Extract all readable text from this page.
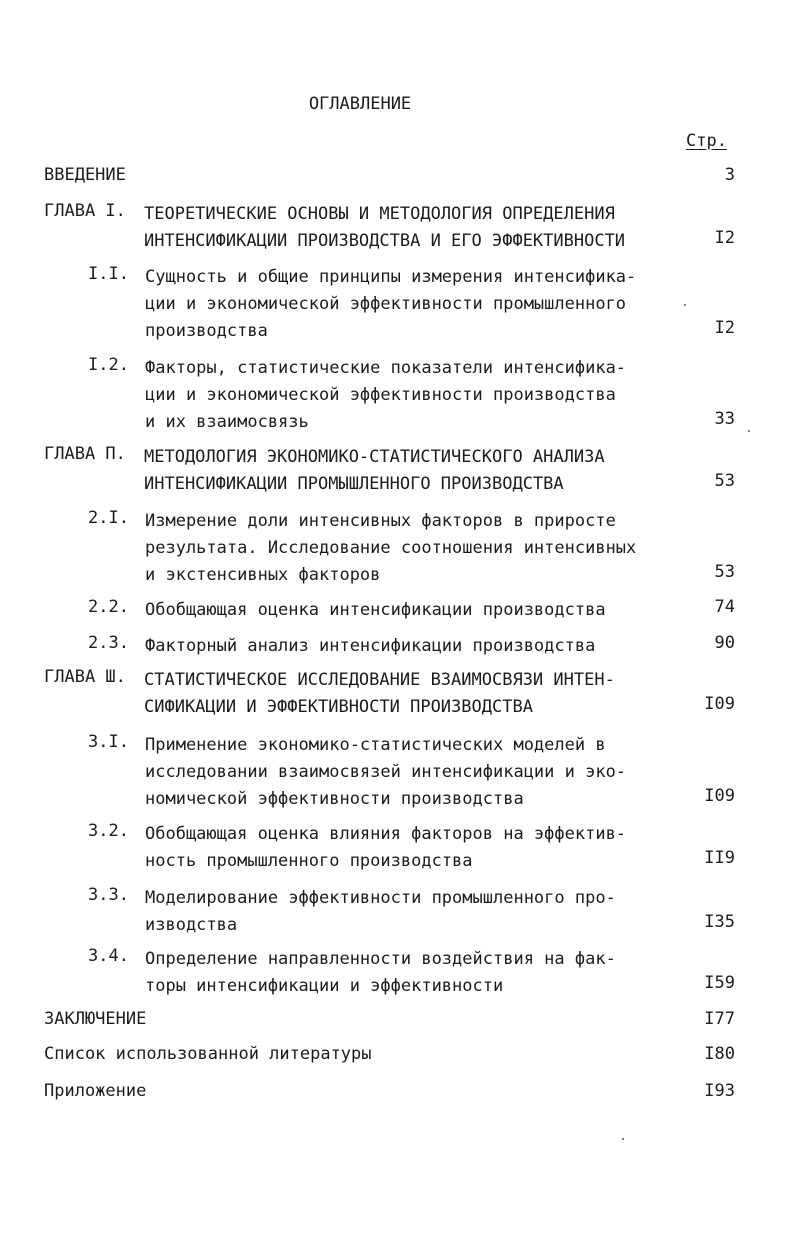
ОГЛАВЛЕНИЕ
Стр.
ВВЕДЕНИЕ	3
ГЛАВА I. ТЕОРЕТИЧЕСКИЕ ОСНОВЫ И МЕТОДОЛОГИЯ ОПРЕДЕЛЕНИЯ
ИНТЕНСИФИКАЦИИ ПРОИЗВОДСТВА И ЕГО ЭФФЕКТИВНОСТИ	I2
I.I. Сущность и общие принципы измерения интенсифика-
ции и экономической эффективности промышленного
производства	I2
I.2. Факторы, статистические показатели интенсифика-
ции и экономической эффективности производства
и их взаимосвязь	33
ГЛАВА П. МЕТОДОЛОГИЯ ЭКОНОМИКО-СТАТИСТИЧЕСКОГО АНАЛИЗА
ИНТЕНСИФИКАЦИИ ПРОМЫШЛЕННОГО ПРОИЗВОДСТВА	53
2.I. Измерение доли интенсивных факторов в приросте
результата. Исследование соотношения интенсивных
и экстенсивных факторов	53
2.2. Обобщающая оценка интенсификации производства	74
2.3. Факторный анализ интенсификации производства	90
ГЛАВА Ш. СТАТИСТИЧЕСКОЕ ИССЛЕДОВАНИЕ ВЗАИМОСВЯЗИ ИНТЕН-
СИФИКАЦИИ И ЭФФЕКТИВНОСТИ ПРОИЗВОДСТВА	I09
3.I. Применение экономико-статистических моделей в
исследовании взаимосвязей интенсификации и эко-
номической эффективности производства	I09
3.2. Обобщающая оценка влияния факторов на эффектив-
ность промышленного производства	II9
3.3. Моделирование эффективности промышленного про-
изводства	I35
3.4. Определение направленности воздействия на фак-
торы интенсификации и эффективности	I59
ЗАКЛЮЧЕНИЕ	I77
Список использованной литературы	I80
Приложение	I93
